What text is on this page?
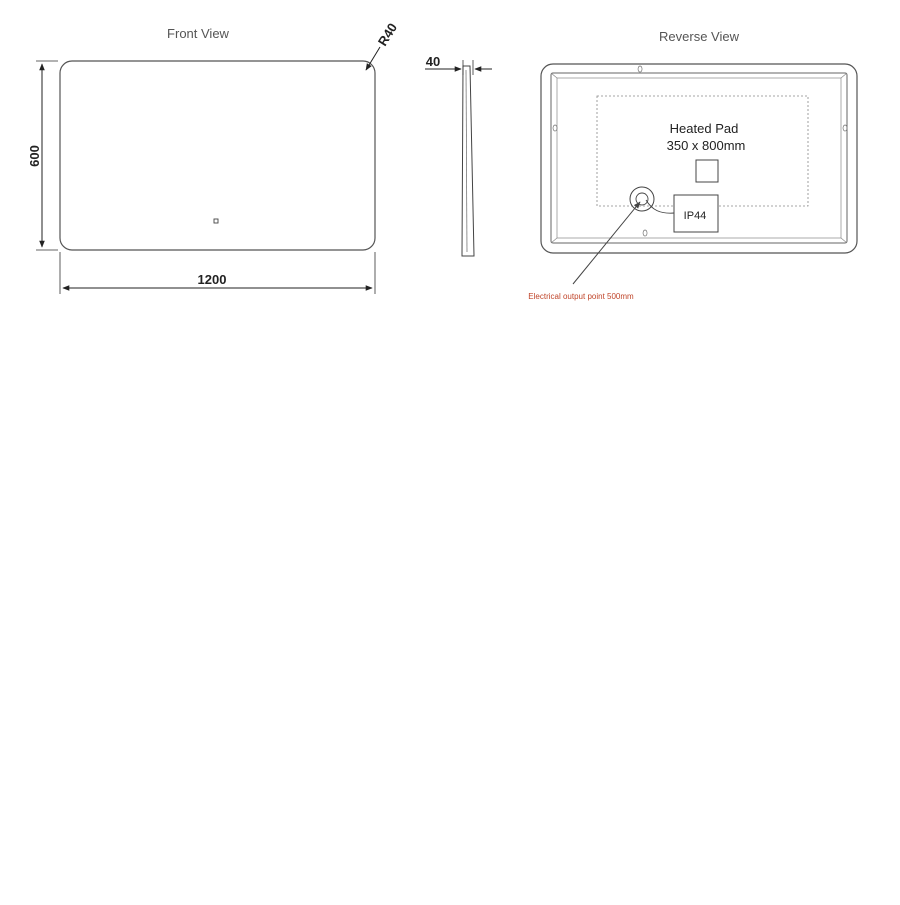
Front View	R40
600
1200
40
Reverse View
Heated Pad
350 x 800mm
IP44
Electrical output point 500mm
